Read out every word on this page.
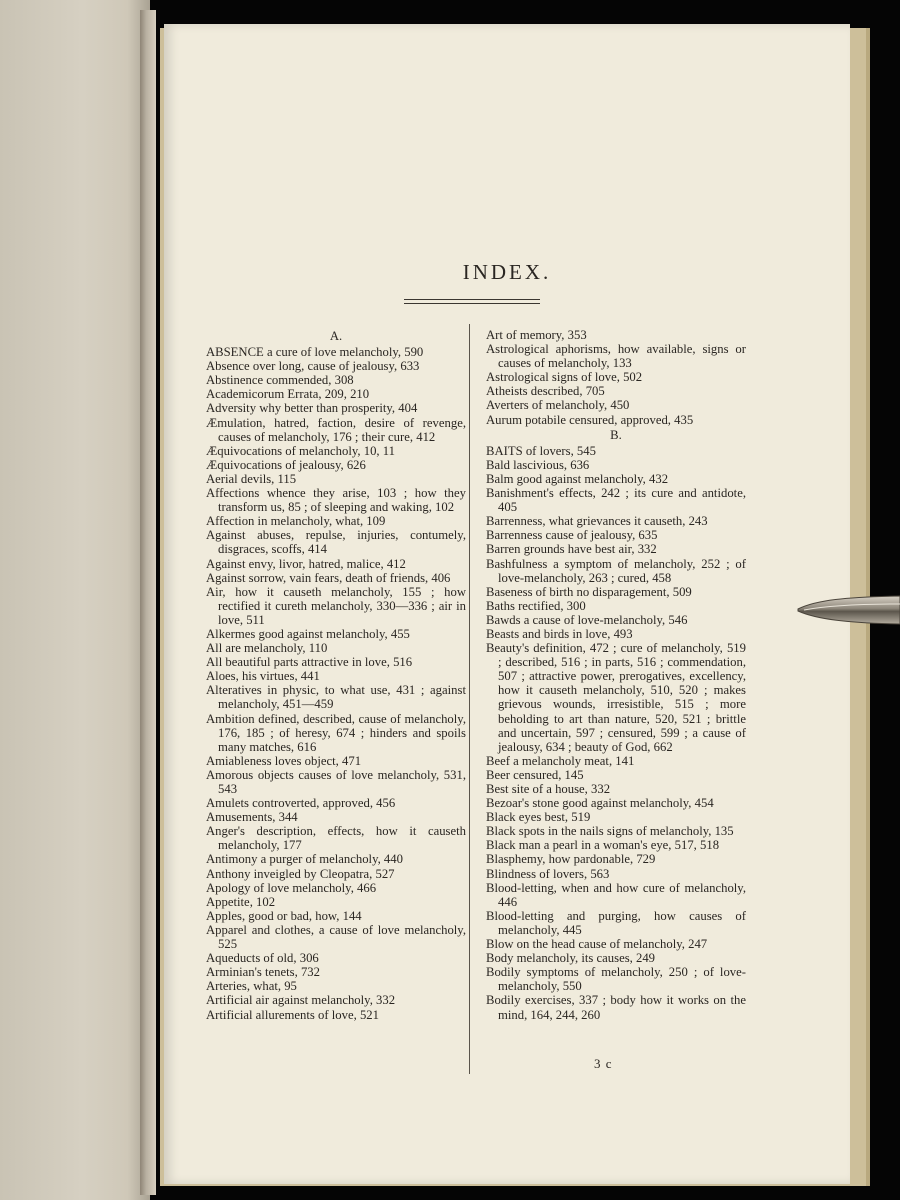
INDEX.
A.
ABSENCE a cure of love melancholy, 590
Absence over long, cause of jealousy, 633
Abstinence commended, 308
Academicorum Errata, 209, 210
Adversity why better than prosperity, 404
Æmulation, hatred, faction, desire of revenge, causes of melancholy, 176 ; their cure, 412
Æquivocations of melancholy, 10, 11
Æquivocations of jealousy, 626
Aerial devils, 115
Affections whence they arise, 103 ; how they transform us, 85 ; of sleeping and waking, 102
Affection in melancholy, what, 109
Against abuses, repulse, injuries, contumely, disgraces, scoffs, 414
Against envy, livor, hatred, malice, 412
Against sorrow, vain fears, death of friends, 406
Air, how it causeth melancholy, 155 ; how rectified it cureth melancholy, 330—336 ; air in love, 511
Alkermes good against melancholy, 455
All are melancholy, 110
All beautiful parts attractive in love, 516
Aloes, his virtues, 441
Alteratives in physic, to what use, 431 ; against melancholy, 451—459
Ambition defined, described, cause of melancholy, 176, 185 ; of heresy, 674 ; hinders and spoils many matches, 616
Amiableness loves object, 471
Amorous objects causes of love melancholy, 531, 543
Amulets controverted, approved, 456
Amusements, 344
Anger's description, effects, how it causeth melancholy, 177
Antimony a purger of melancholy, 440
Anthony inveigled by Cleopatra, 527
Apology of love melancholy, 466
Appetite, 102
Apples, good or bad, how, 144
Apparel and clothes, a cause of love melancholy, 525
Aqueducts of old, 306
Arminian's tenets, 732
Arteries, what, 95
Artificial air against melancholy, 332
Artificial allurements of love, 521
Art of memory, 353
Astrological aphorisms, how available, signs or causes of melancholy, 133
Astrological signs of love, 502
Atheists described, 705
Averters of melancholy, 450
Aurum potabile censured, approved, 435
B.
BAITS of lovers, 545
Bald lascivious, 636
Balm good against melancholy, 432
Banishment's effects, 242 ; its cure and antidote, 405
Barrenness, what grievances it causeth, 243
Barrenness cause of jealousy, 635
Barren grounds have best air, 332
Bashfulness a symptom of melancholy, 252 ; of love-melancholy, 263 ; cured, 458
Baseness of birth no disparagement, 509
Baths rectified, 300
Bawds a cause of love-melancholy, 546
Beasts and birds in love, 493
Beauty's definition, 472 ; cure of melancholy, 519 ; described, 516 ; in parts, 516 ; commendation, 507 ; attractive power, prerogatives, excellency, how it causeth melancholy, 510, 520 ; makes grievous wounds, irresistible, 515 ; more beholding to art than nature, 520, 521 ; brittle and uncertain, 597 ; censured, 599 ; a cause of jealousy, 634 ; beauty of God, 662
Beef a melancholy meat, 141
Beer censured, 145
Best site of a house, 332
Bezoar's stone good against melancholy, 454
Black eyes best, 519
Black spots in the nails signs of melancholy, 135
Black man a pearl in a woman's eye, 517, 518
Blasphemy, how pardonable, 729
Blindness of lovers, 563
Blood-letting, when and how cure of melancholy, 446
Blood-letting and purging, how causes of melancholy, 445
Blow on the head cause of melancholy, 247
Body melancholy, its causes, 249
Bodily symptoms of melancholy, 250 ; of love-melancholy, 550
Bodily exercises, 337 ; body how it works on the mind, 164, 244, 260
3 c
